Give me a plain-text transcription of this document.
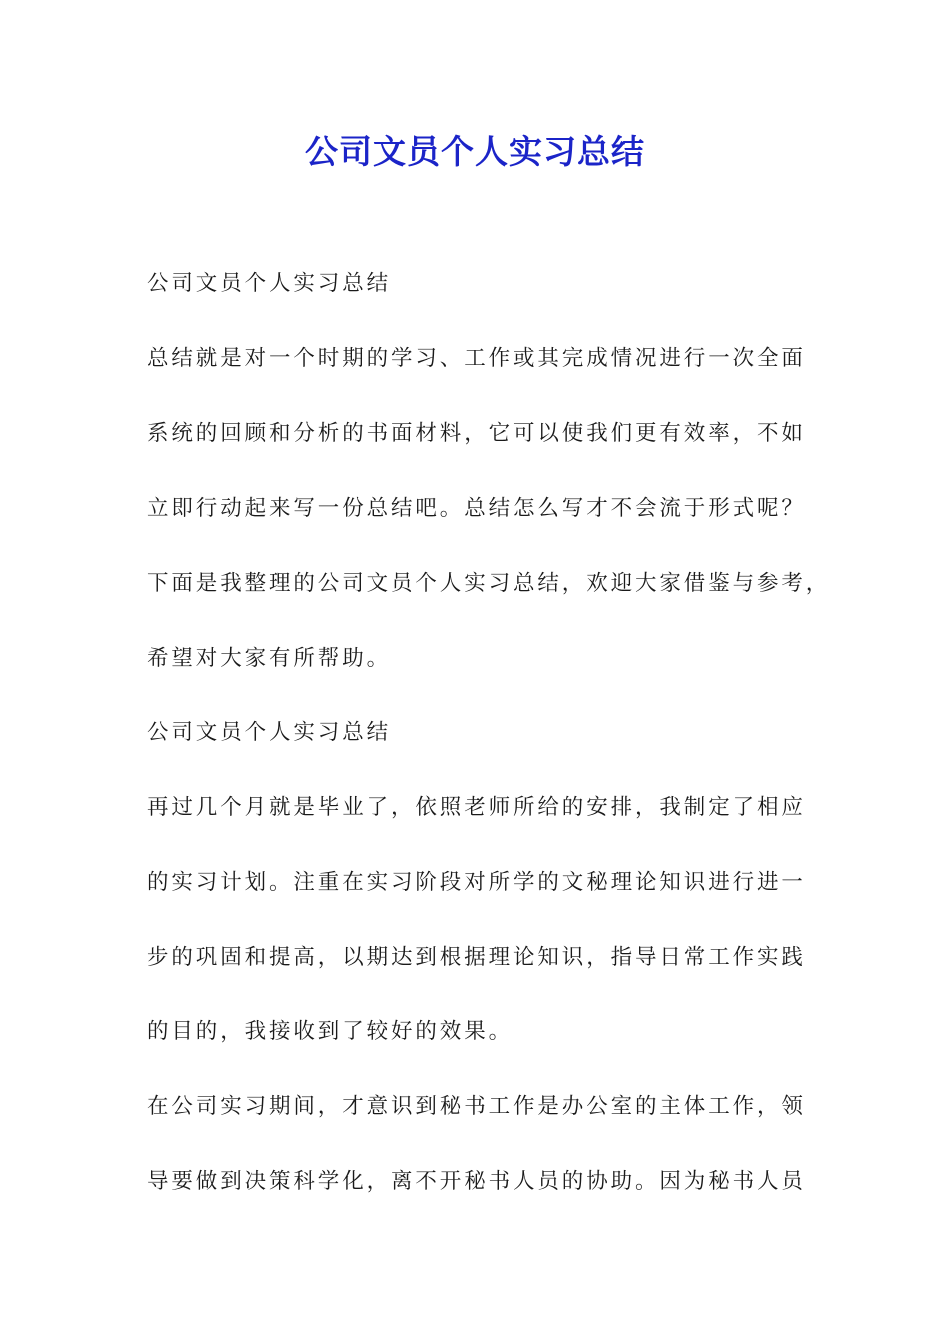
公司文员个人实习总结

公司文员个人实习总结

总结就是对一个时期的学习、工作或其完成情况进行一次全面

系统的回顾和分析的书面材料，它可以使我们更有效率，不如

立即行动起来写一份总结吧。总结怎么写才不会流于形式呢？

下面是我整理的公司文员个人实习总结，欢迎大家借鉴与参考，

希望对大家有所帮助。

公司文员个人实习总结

再过几个月就是毕业了，依照老师所给的安排，我制定了相应

的实习计划。注重在实习阶段对所学的文秘理论知识进行进一

步的巩固和提高，以期达到根据理论知识，指导日常工作实践

的目的，我接收到了较好的效果。

在公司实习期间，才意识到秘书工作是办公室的主体工作，领

导要做到决策科学化，离不开秘书人员的协助。因为秘书人员
